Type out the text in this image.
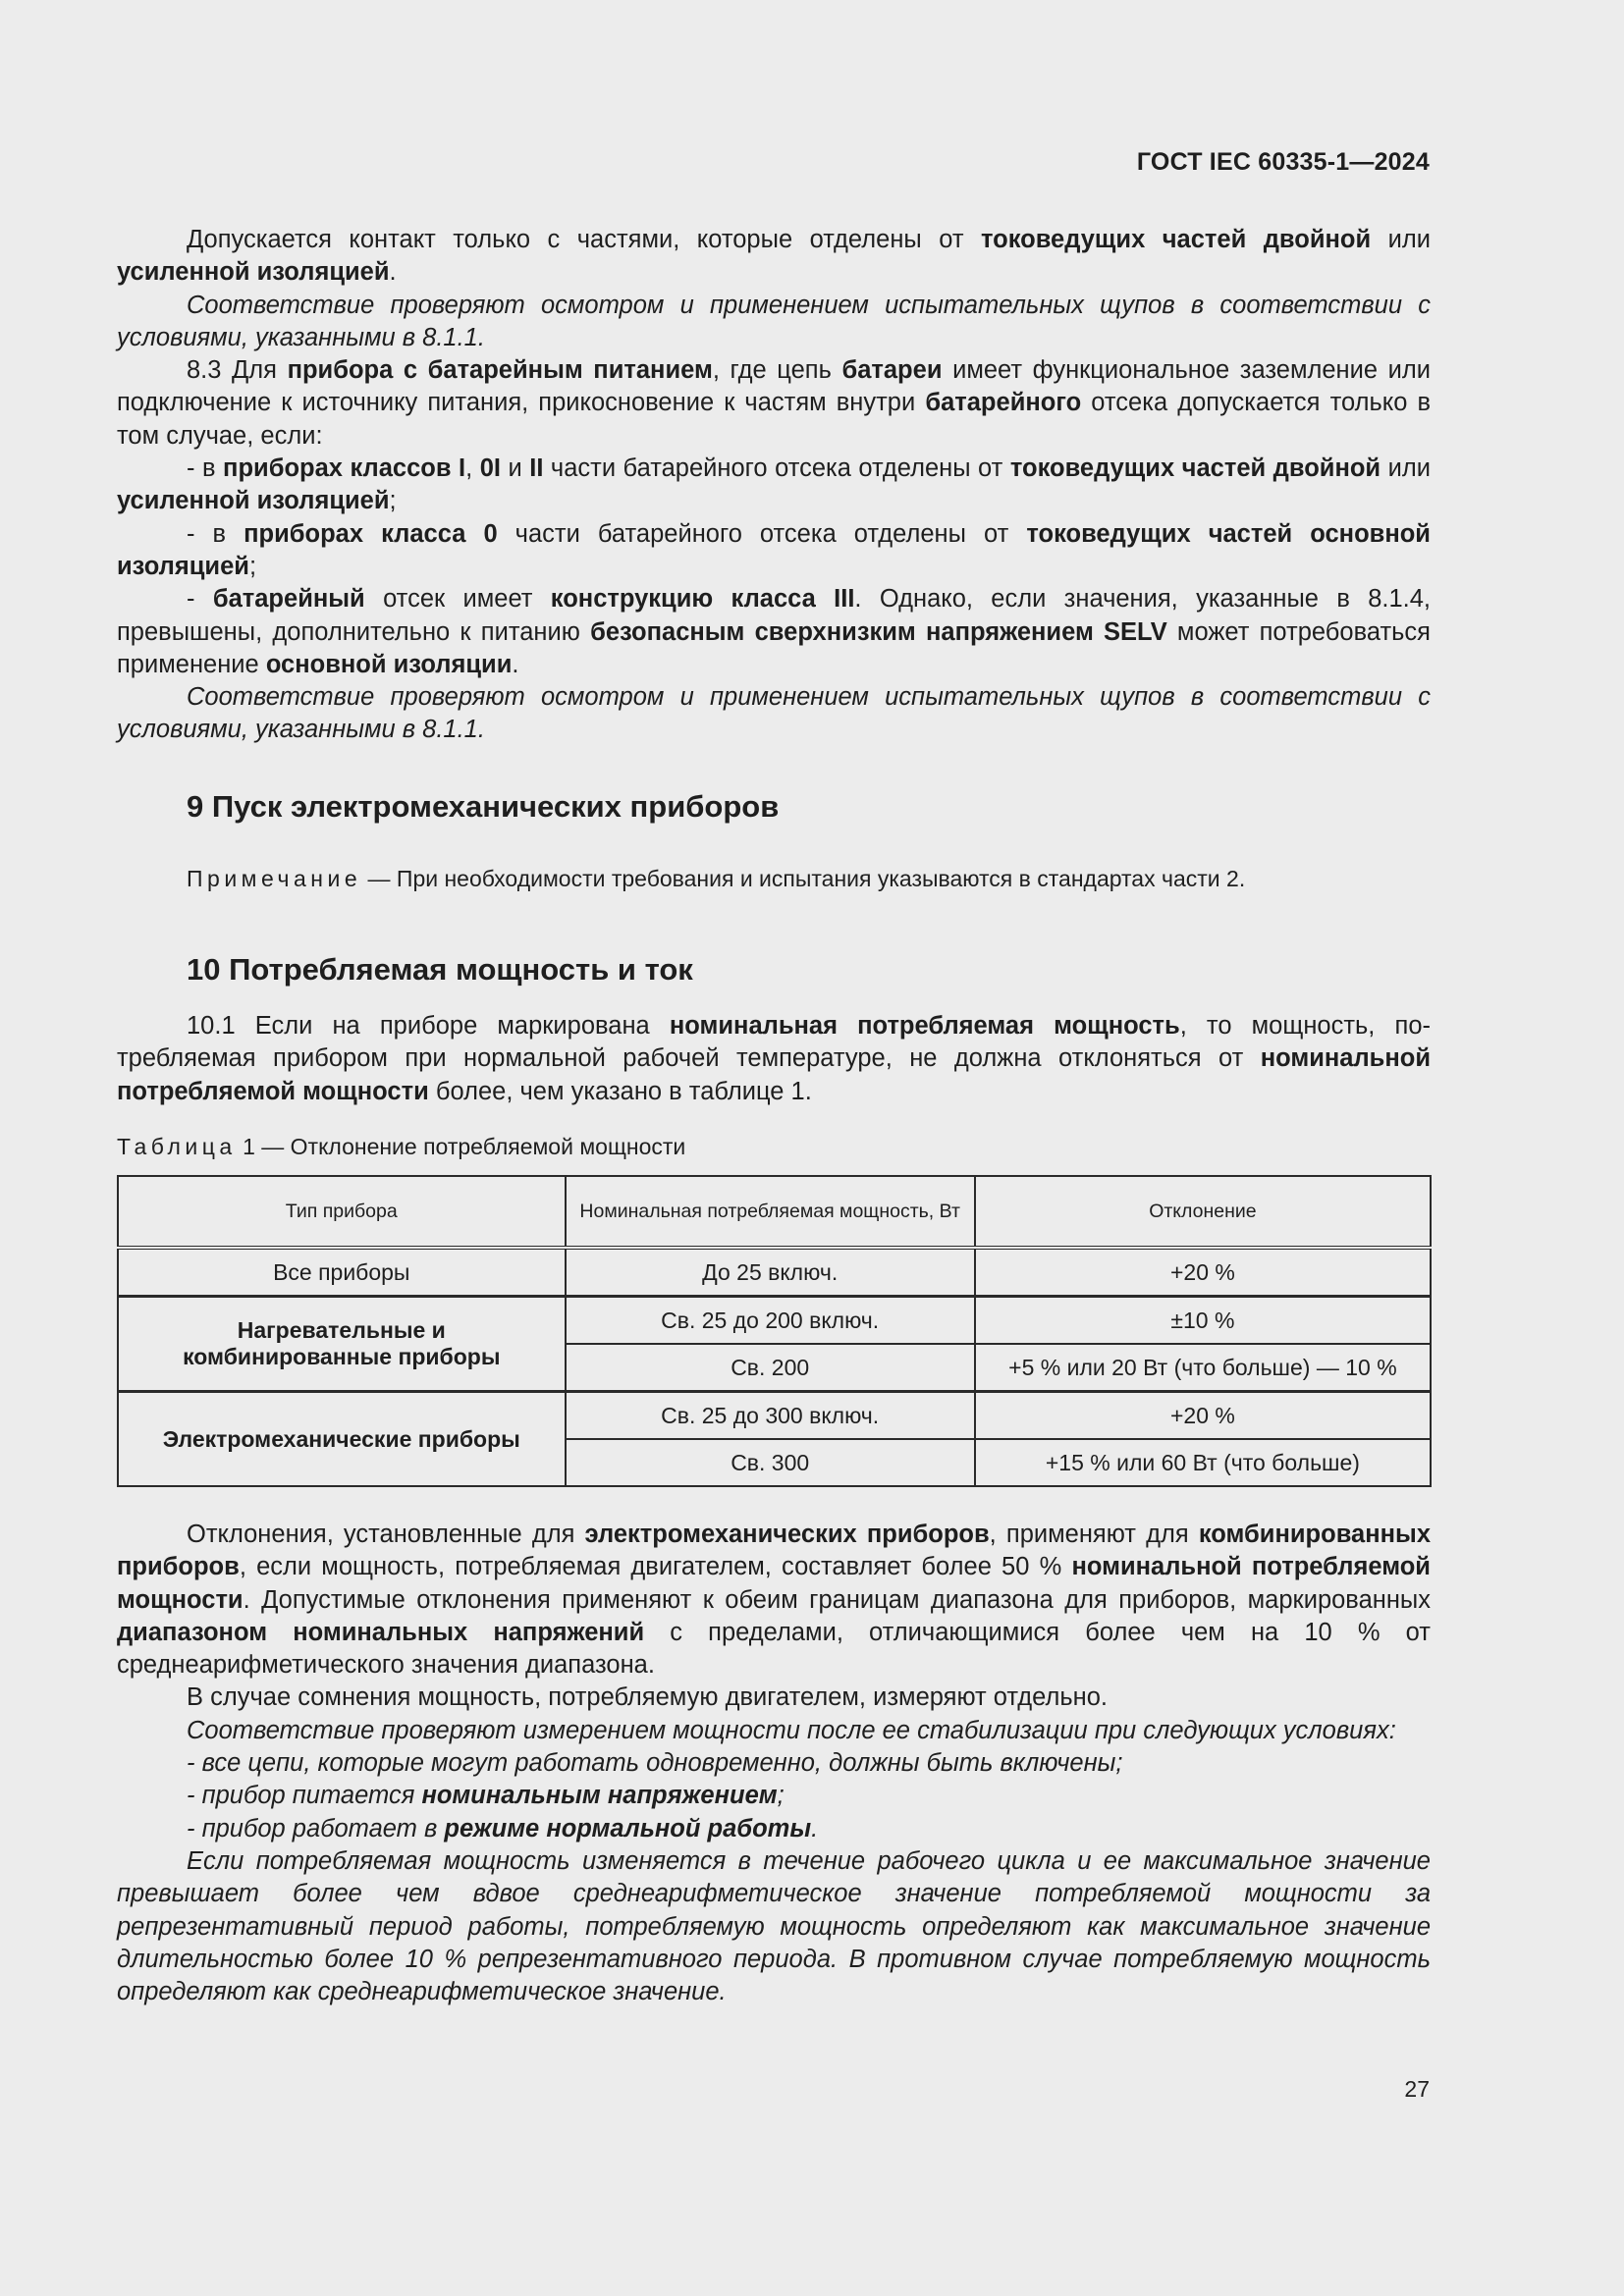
ГОСТ IEC 60335-1—2024

Допускается контакт только с частями, которые отделены от токоведущих частей двойной или усиленной изоляцией.

Соответствие проверяют осмотром и применением испытательных щупов в соответствии с условиями, указанными в 8.1.1.

8.3 Для прибора с батарейным питанием, где цепь батареи имеет функциональное заземление или подключение к источнику питания, прикосновение к частям внутри батарейного отсека допускается только в том случае, если:

- в приборах классов I, 0I и II части батарейного отсека отделены от токоведущих частей двойной или усиленной изоляцией;

- в приборах класса 0 части батарейного отсека отделены от токоведущих частей основной изоляцией;

- батарейный отсек имеет конструкцию класса III. Однако, если значения, указанные в 8.1.4, превышены, дополнительно к питанию безопасным сверхнизким напряжением SELV может потребоваться применение основной изоляции.

Соответствие проверяют осмотром и применением испытательных щупов в соответствии с условиями, указанными в 8.1.1.

9 Пуск электромеханических приборов
Примечание — При необходимости требования и испытания указываются в стандартах части 2.
10 Потребляемая мощность и ток

10.1 Если на приборе маркирована номинальная потребляемая мощность, то мощность, потребляемая прибором при нормальной рабочей температуре, не должна отклоняться от номинальной потребляемой мощности более, чем указано в таблице 1.

Таблица 1 — Отклонение потребляемой мощности
Тип прибора	Номинальная потребляемая мощность, Вт	Отклонение
Все приборы	До 25 включ.	+20 %
Нагревательные и комбинированные приборы	Св. 25 до 200 включ.	±10 %
	Св. 200	+5 % или 20 Вт (что больше) — 10 %
Электромеханические приборы	Св. 25 до 300 включ.	+20 %
	Св. 300	+15 % или 60 Вт (что больше)

Отклонения, установленные для электромеханических приборов, применяют для комбинированных приборов, если мощность, потребляемая двигателем, составляет более 50 % номинальной потребляемой мощности. Допустимые отклонения применяют к обеим границам диапазона для приборов, маркированных диапазоном номинальных напряжений с пределами, отличающимися более чем на 10 % от среднеарифметического значения диапазона.

В случае сомнения мощность, потребляемую двигателем, измеряют отдельно.

Соответствие проверяют измерением мощности после ее стабилизации при следующих условиях:

- все цепи, которые могут работать одновременно, должны быть включены;

- прибор питается номинальным напряжением;

- прибор работает в режиме нормальной работы.

Если потребляемая мощность изменяется в течение рабочего цикла и ее максимальное значение превышает более чем вдвое среднеарифметическое значение потребляемой мощности за репрезентативный период работы, потребляемую мощность определяют как максимальное значение длительностью более 10 % репрезентативного периода. В противном случае потребляемую мощность определяют как среднеарифметическое значение.

27
